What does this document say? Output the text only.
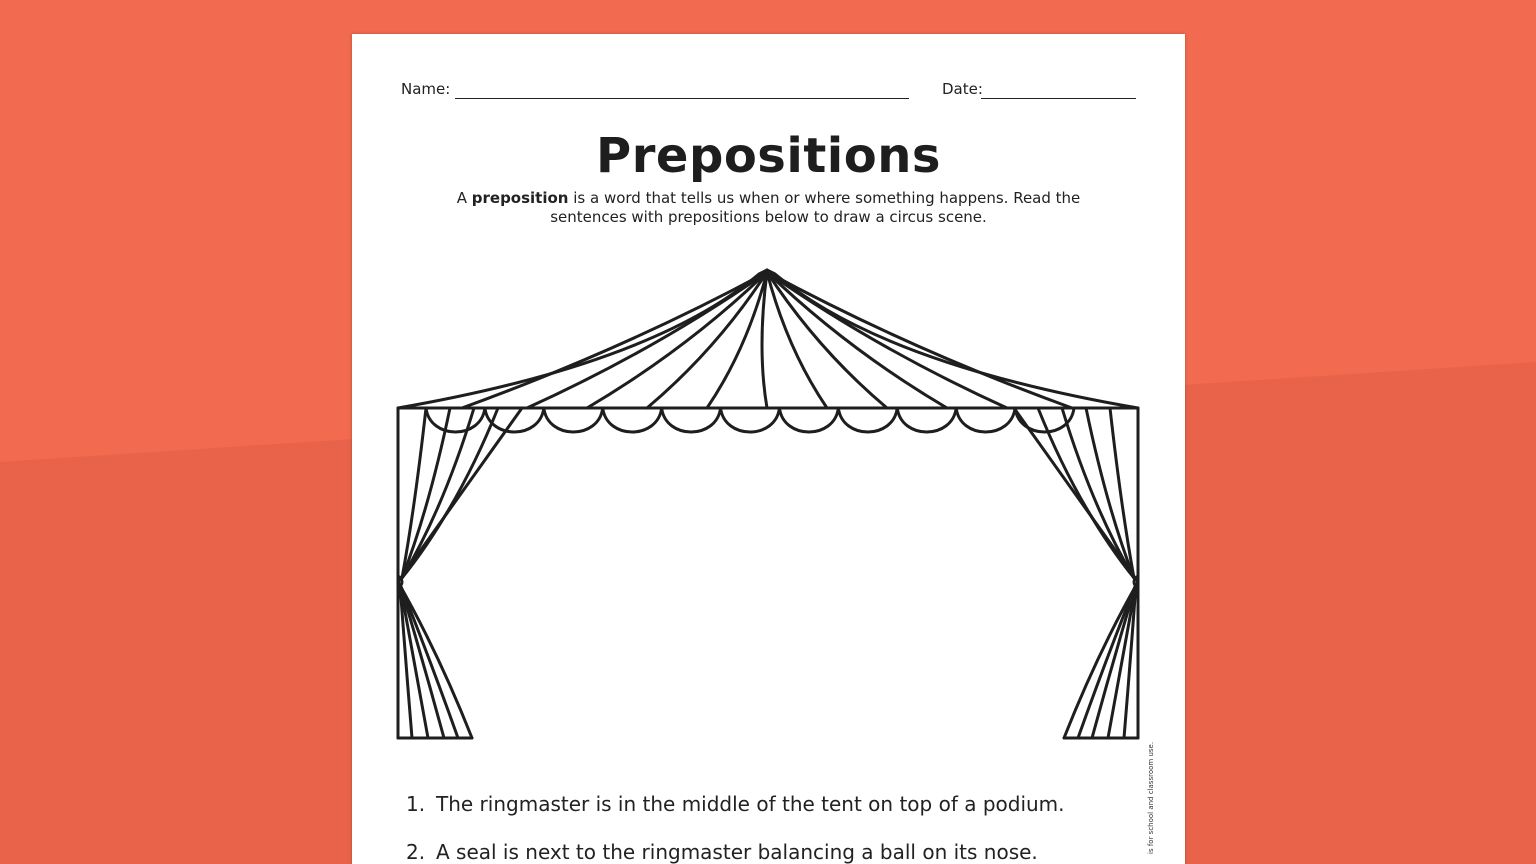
Name:	Date:
Prepositions
A preposition is a word that tells us when or where something happens. Read the sentences with prepositions below to draw a circus scene.
1. The ringmaster is in the middle of the tent on top of a podium.
2. A seal is next to the ringmaster balancing a ball on its nose.	is for school and classroom use.
